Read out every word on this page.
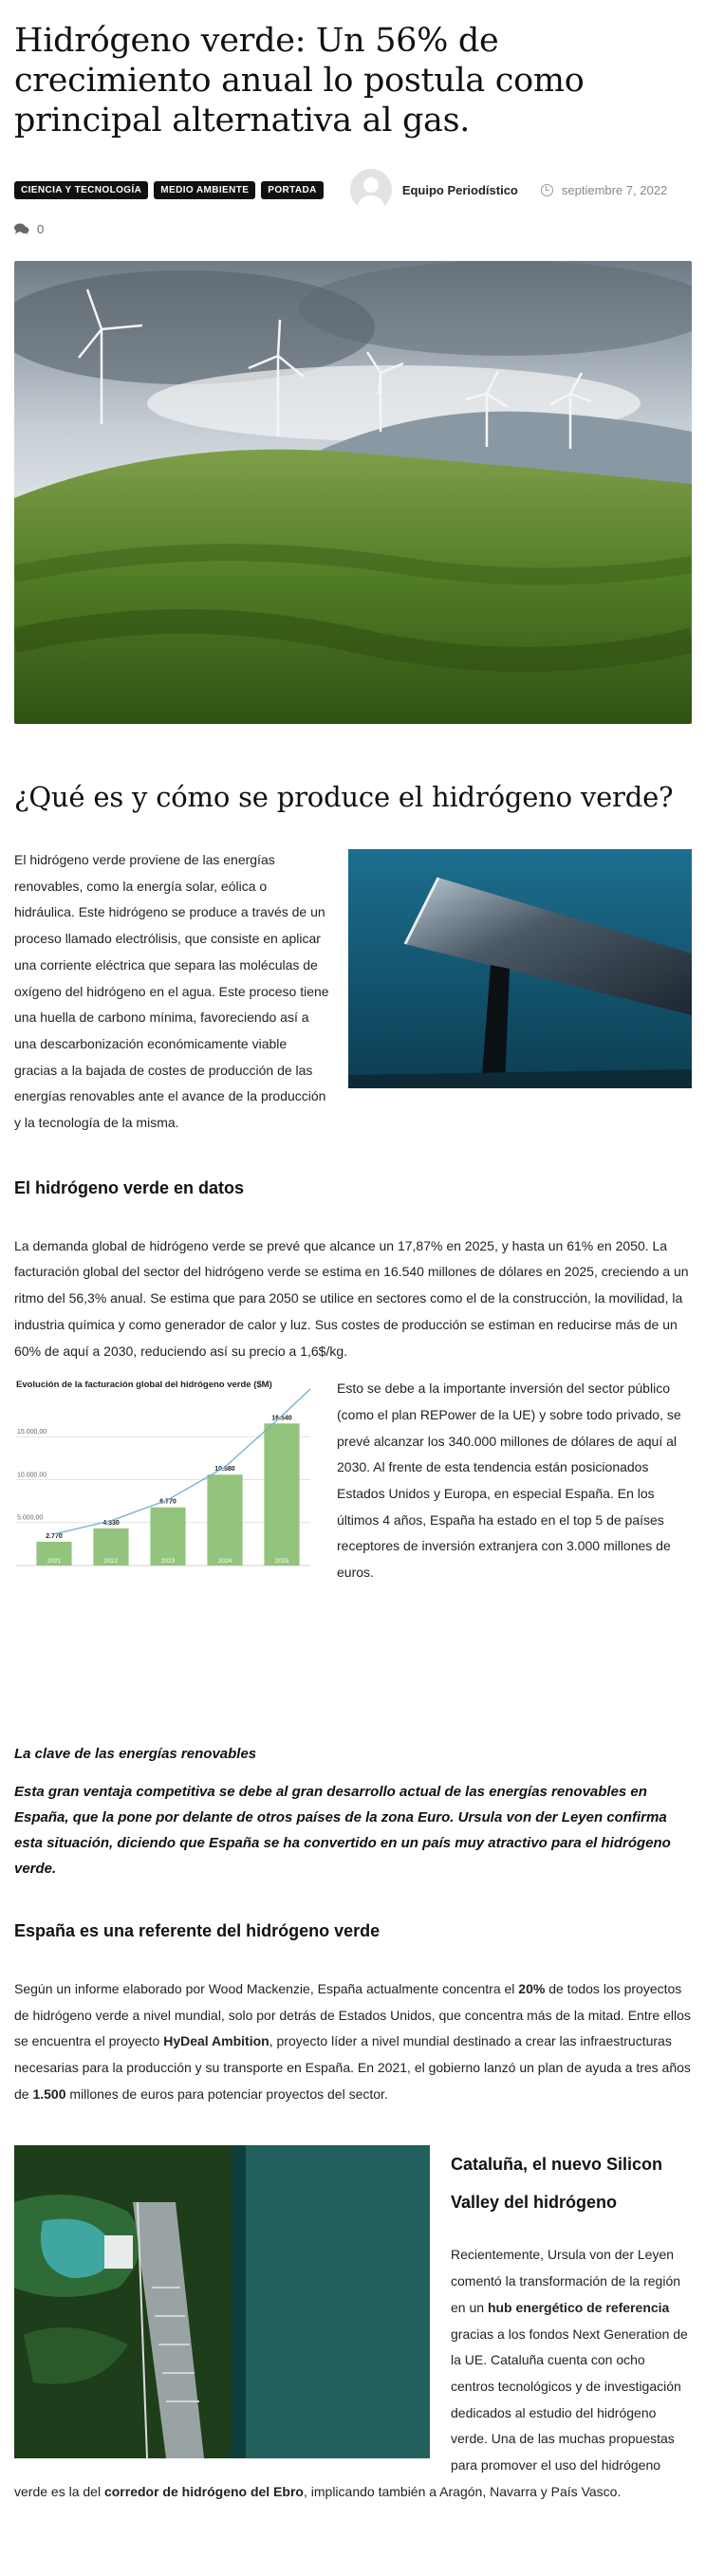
Hidrógeno verde: Un 56% de crecimiento anual lo postula como principal alternativa al gas.
CIENCIA Y TECNOLOGÍA	MEDIO AMBIENTE	PORTADA	Equipo Periodístico	septiembre 7, 2022
0
¿Qué es y cómo se produce el hidrógeno verde?

El hidrógeno verde proviene de las energías renovables, como la energía solar, eólica o hidráulica. Este hidrógeno se produce a través de un proceso llamado electrólisis, que consiste en aplicar una corriente eléctrica que separa las moléculas de oxígeno del hidrógeno en el agua. Este proceso tiene una huella de carbono mínima, favoreciendo así a una descarbonización económicamente viable gracias a la bajada de costes de producción de las energías renovables ante el avance de la producción y la tecnología de la misma.

El hidrógeno verde en datos

La demanda global de hidrógeno verde se prevé que alcance un 17,87% en 2025, y hasta un 61% en 2050. La facturación global del sector del hidrógeno verde se estima en 16.540 millones de dólares en 2025, creciendo a un ritmo del 56,3% anual. Se estima que para 2050 se utilice en sectores como el de la construcción, la movilidad, la industria química y como generador de calor y luz. Sus costes de producción se estiman en reducirse más de un 60% de aquí a 2030, reduciendo así su precio a 1,6$/kg.

Evolución de la facturación global del hidrógeno verde ($M)
5.000,00
10.000,00
15.000,00
2.770
2021
4.330
2022
6.770
2023
10.580
2024
16.540
2025

Esto se debe a la importante inversión del sector público (como el plan REPower de la UE) y sobre todo privado, se prevé alcanzar los 340.000 millones de dólares de aquí al 2030. Al frente de esta tendencia están posicionados Estados Unidos y Europa, en especial España. En los últimos 4 años, España ha estado en el top 5 de países receptores de inversión extranjera con 3.000 millones de euros.

La clave de las energías renovables

Esta gran ventaja competitiva se debe al gran desarrollo actual de las energías renovables en España, que la pone por delante de otros países de la zona Euro. Ursula von der Leyen confirma esta situación, diciendo que España se ha convertido en un país muy atractivo para el hidrógeno verde.

España es una referente del hidrógeno verde

Según un informe elaborado por Wood Mackenzie, España actualmente concentra el 20% de todos los proyectos de hidrógeno verde a nivel mundial, solo por detrás de Estados Unidos, que concentra más de la mitad. Entre ellos se encuentra el proyecto HyDeal Ambition, proyecto líder a nivel mundial destinado a crear las infraestructuras necesarias para la producción y su transporte en España. En 2021, el gobierno lanzó un plan de ayuda a tres años de 1.500 millones de euros para potenciar proyectos del sector.

Cataluña, el nuevo Silicon Valley del hidrógeno

Recientemente, Ursula von der Leyen comentó la transformación de la región en un hub energético de referencia gracias a los fondos Next Generation de la UE. Cataluña cuenta con ocho centros tecnológicos y de investigación dedicados al estudio del hidrógeno verde. Una de las muchas propuestas para promover el uso del hidrógeno verde es la del corredor de hidrógeno del Ebro, implicando también a Aragón, Navarra y País Vasco.
